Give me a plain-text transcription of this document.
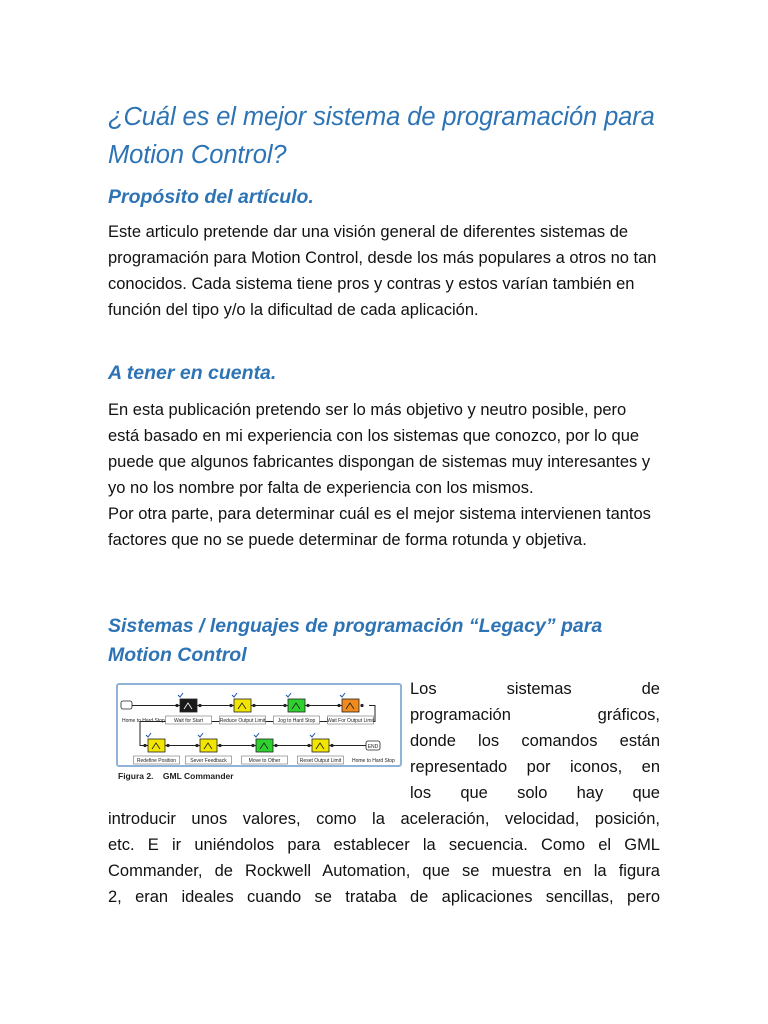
¿Cuál es el mejor sistema de programación para Motion Control?
Propósito del artículo.

Este articulo pretende dar una visión general de diferentes sistemas de programación para Motion Control, desde los más populares a otros no tan conocidos. Cada sistema tiene pros y contras y estos varían también en función del tipo y/o la dificultad de cada aplicación.

A tener en cuenta.

En esta publicación pretendo ser lo más objetivo y neutro posible, pero está basado en mi experiencia con los sistemas que conozco, por lo que puede que algunos fabricantes dispongan de sistemas muy interesantes y yo no los nombre por falta de experiencia con los mismos.

Por otra parte, para determinar cuál es el mejor sistema intervienen tantos factores que no se puede determinar de forma rotunda y objetiva.

Sistemas / lenguajes de programación “Legacy” para Motion Control
Home to Hard Stop Wait for Start	Reduce Output Limit Jog to Hard Stop Wait For Output Limit
Redefine Position	Sever Feedback	Move to Other	Reset Output Limit Home to Hard Stop
END
Figura 2. GML Commander
Los sistemas de
programación gráficos,
donde los comandos están
representado por iconos, en
los que solo hay que
introducir unos valores, como la aceleración, velocidad, posición,
etc. E ir uniéndolos para establecer la secuencia. Como el GML
Commander, de Rockwell Automation, que se muestra en la figura
2, eran ideales cuando se trataba de aplicaciones sencillas, pero
